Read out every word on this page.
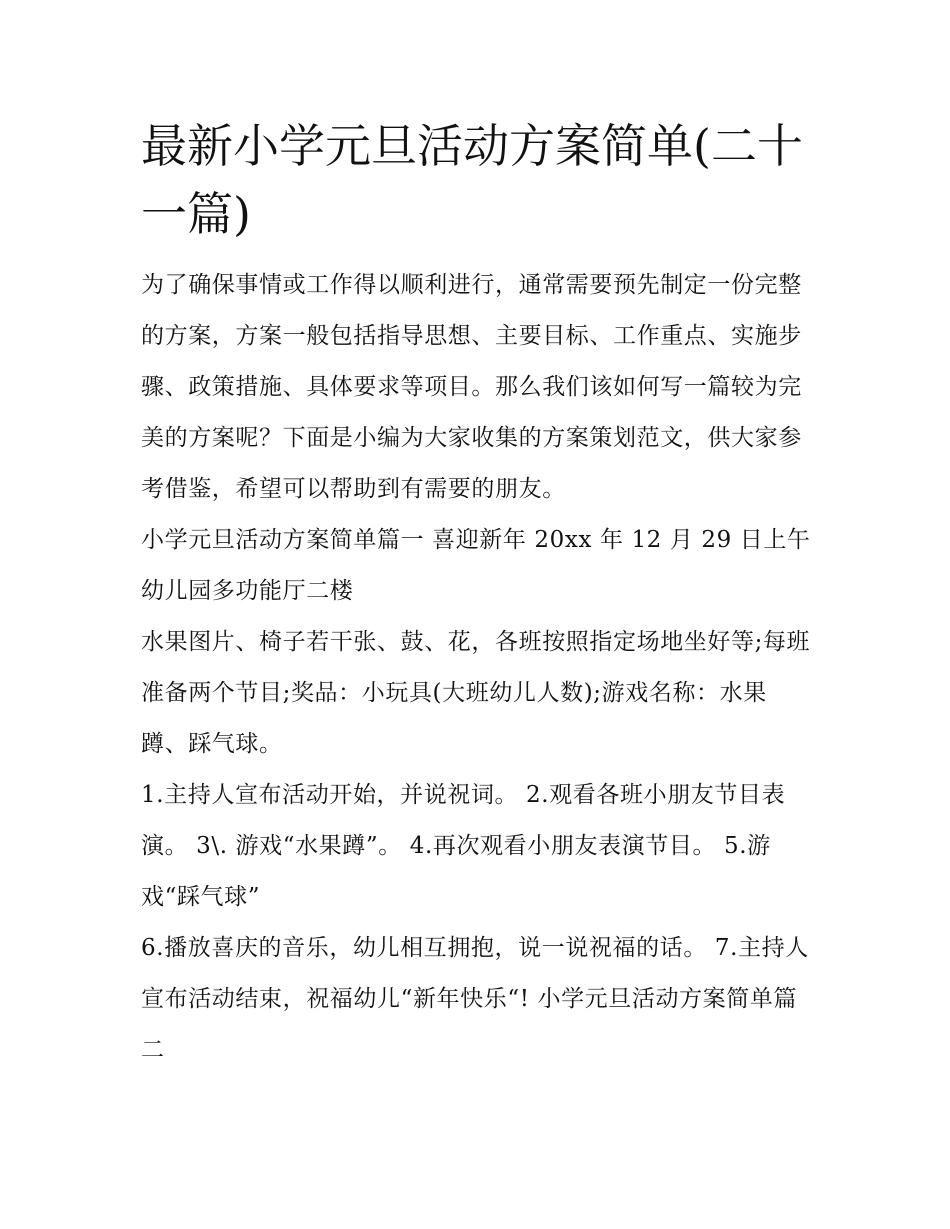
最新小学元旦活动方案简单(二十一篇)

为了确保事情或工作得以顺利进行，通常需要预先制定一份完整的方案，方案一般包括指导思想、主要目标、工作重点、实施步骤、政策措施、具体要求等项目。那么我们该如何写一篇较为完美的方案呢？下面是小编为大家收集的方案策划范文，供大家参考借鉴，希望可以帮助到有需要的朋友。

小学元旦活动方案简单篇一 喜迎新年 20xx 年 12 月 29 日上午幼儿园多功能厅二楼

水果图片、椅子若干张、鼓、花，各班按照指定场地坐好等;每班准备两个节目;奖品：小玩具(大班幼儿人数);游戏名称：水果蹲、踩气球。

1.主持人宣布活动开始，并说祝词。 2.观看各班小朋友节目表演。 3\. 游戏“水果蹲”。 4.再次观看小朋友表演节目。 5.游戏“踩气球”

6.播放喜庆的音乐，幼儿相互拥抱，说一说祝福的话。 7.主持人宣布活动结束，祝福幼儿“新年快乐“! 小学元旦活动方案简单篇二
